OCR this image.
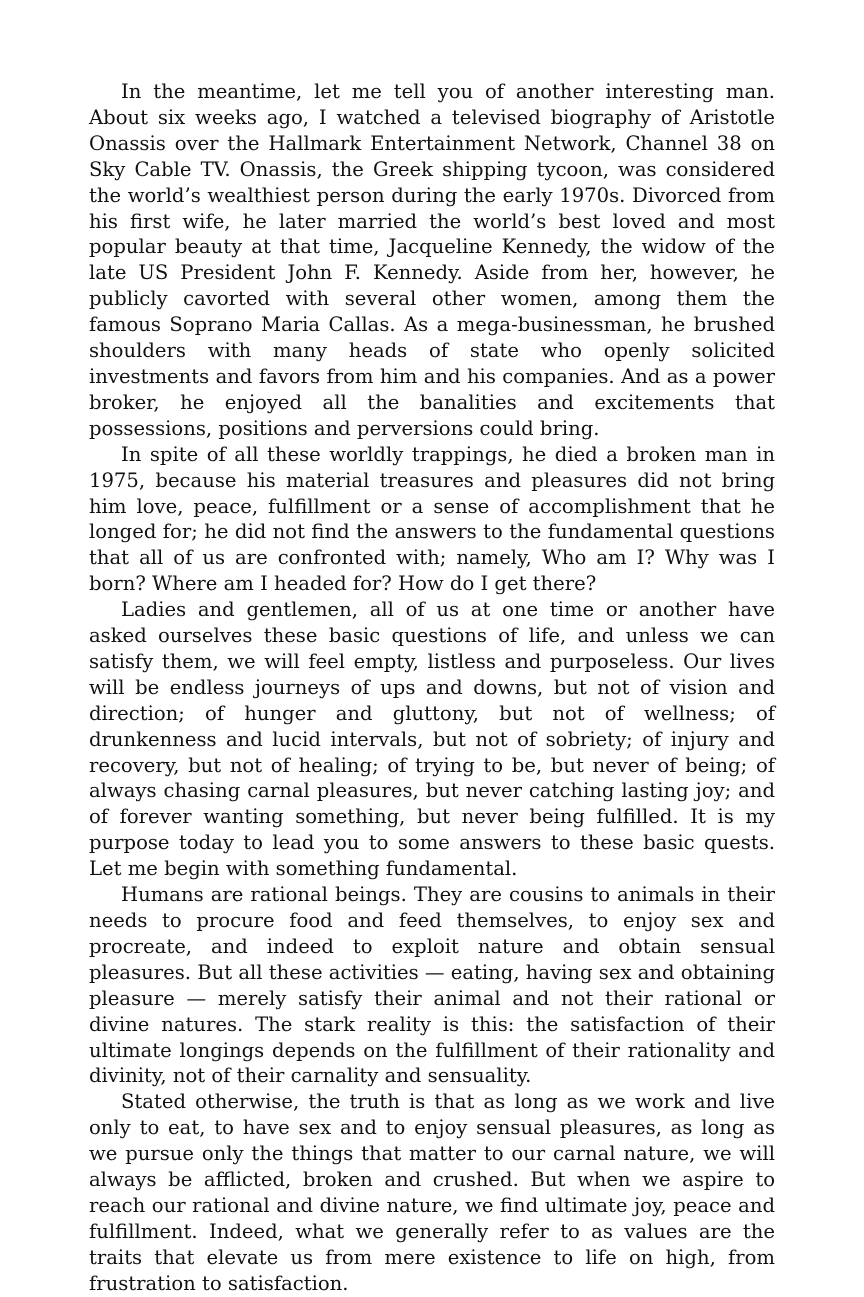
In the meantime, let me tell you of another interesting man. About six weeks ago, I watched a televised biography of Aristotle Onassis over the Hallmark Entertainment Network, Channel 38 on Sky Cable TV. Onassis, the Greek shipping tycoon, was considered the world’s wealthiest person during the early 1970s. Divorced from his first wife, he later married the world’s best loved and most popular beauty at that time, Jacqueline Kennedy, the widow of the late US President John F. Kennedy. Aside from her, however, he publicly cavorted with several other women, among them the famous Soprano Maria Callas. As a mega-businessman, he brushed shoulders with many heads of state who openly solicited investments and favors from him and his companies. And as a power broker, he enjoyed all the banalities and excitements that possessions, positions and perversions could bring.

In spite of all these worldly trappings, he died a broken man in 1975, because his material treasures and pleasures did not bring him love, peace, fulfillment or a sense of accomplishment that he longed for; he did not find the answers to the fundamental questions that all of us are confronted with; namely, Who am I? Why was I born? Where am I headed for? How do I get there?

Ladies and gentlemen, all of us at one time or another have asked ourselves these basic questions of life, and unless we can satisfy them, we will feel empty, listless and purposeless. Our lives will be endless journeys of ups and downs, but not of vision and direction; of hunger and gluttony, but not of wellness; of drunkenness and lucid intervals, but not of sobriety; of injury and recovery, but not of healing; of trying to be, but never of being; of always chasing carnal pleasures, but never catching lasting joy; and of forever wanting something, but never being fulfilled. It is my purpose today to lead you to some answers to these basic quests. Let me begin with something fundamental.

Humans are rational beings. They are cousins to animals in their needs to procure food and feed themselves, to enjoy sex and procreate, and indeed to exploit nature and obtain sensual pleasures. But all these activities — eating, having sex and obtaining pleasure — merely satisfy their animal and not their rational or divine natures. The stark reality is this: the satisfaction of their ultimate longings depends on the fulfillment of their rationality and divinity, not of their carnality and sensuality.

Stated otherwise, the truth is that as long as we work and live only to eat, to have sex and to enjoy sensual pleasures, as long as we pursue only the things that matter to our carnal nature, we will always be afflicted, broken and crushed. But when we aspire to reach our rational and divine nature, we find ultimate joy, peace and fulfillment. Indeed, what we generally refer to as values are the traits that elevate us from mere existence to life on high, from frustration to satisfaction.
